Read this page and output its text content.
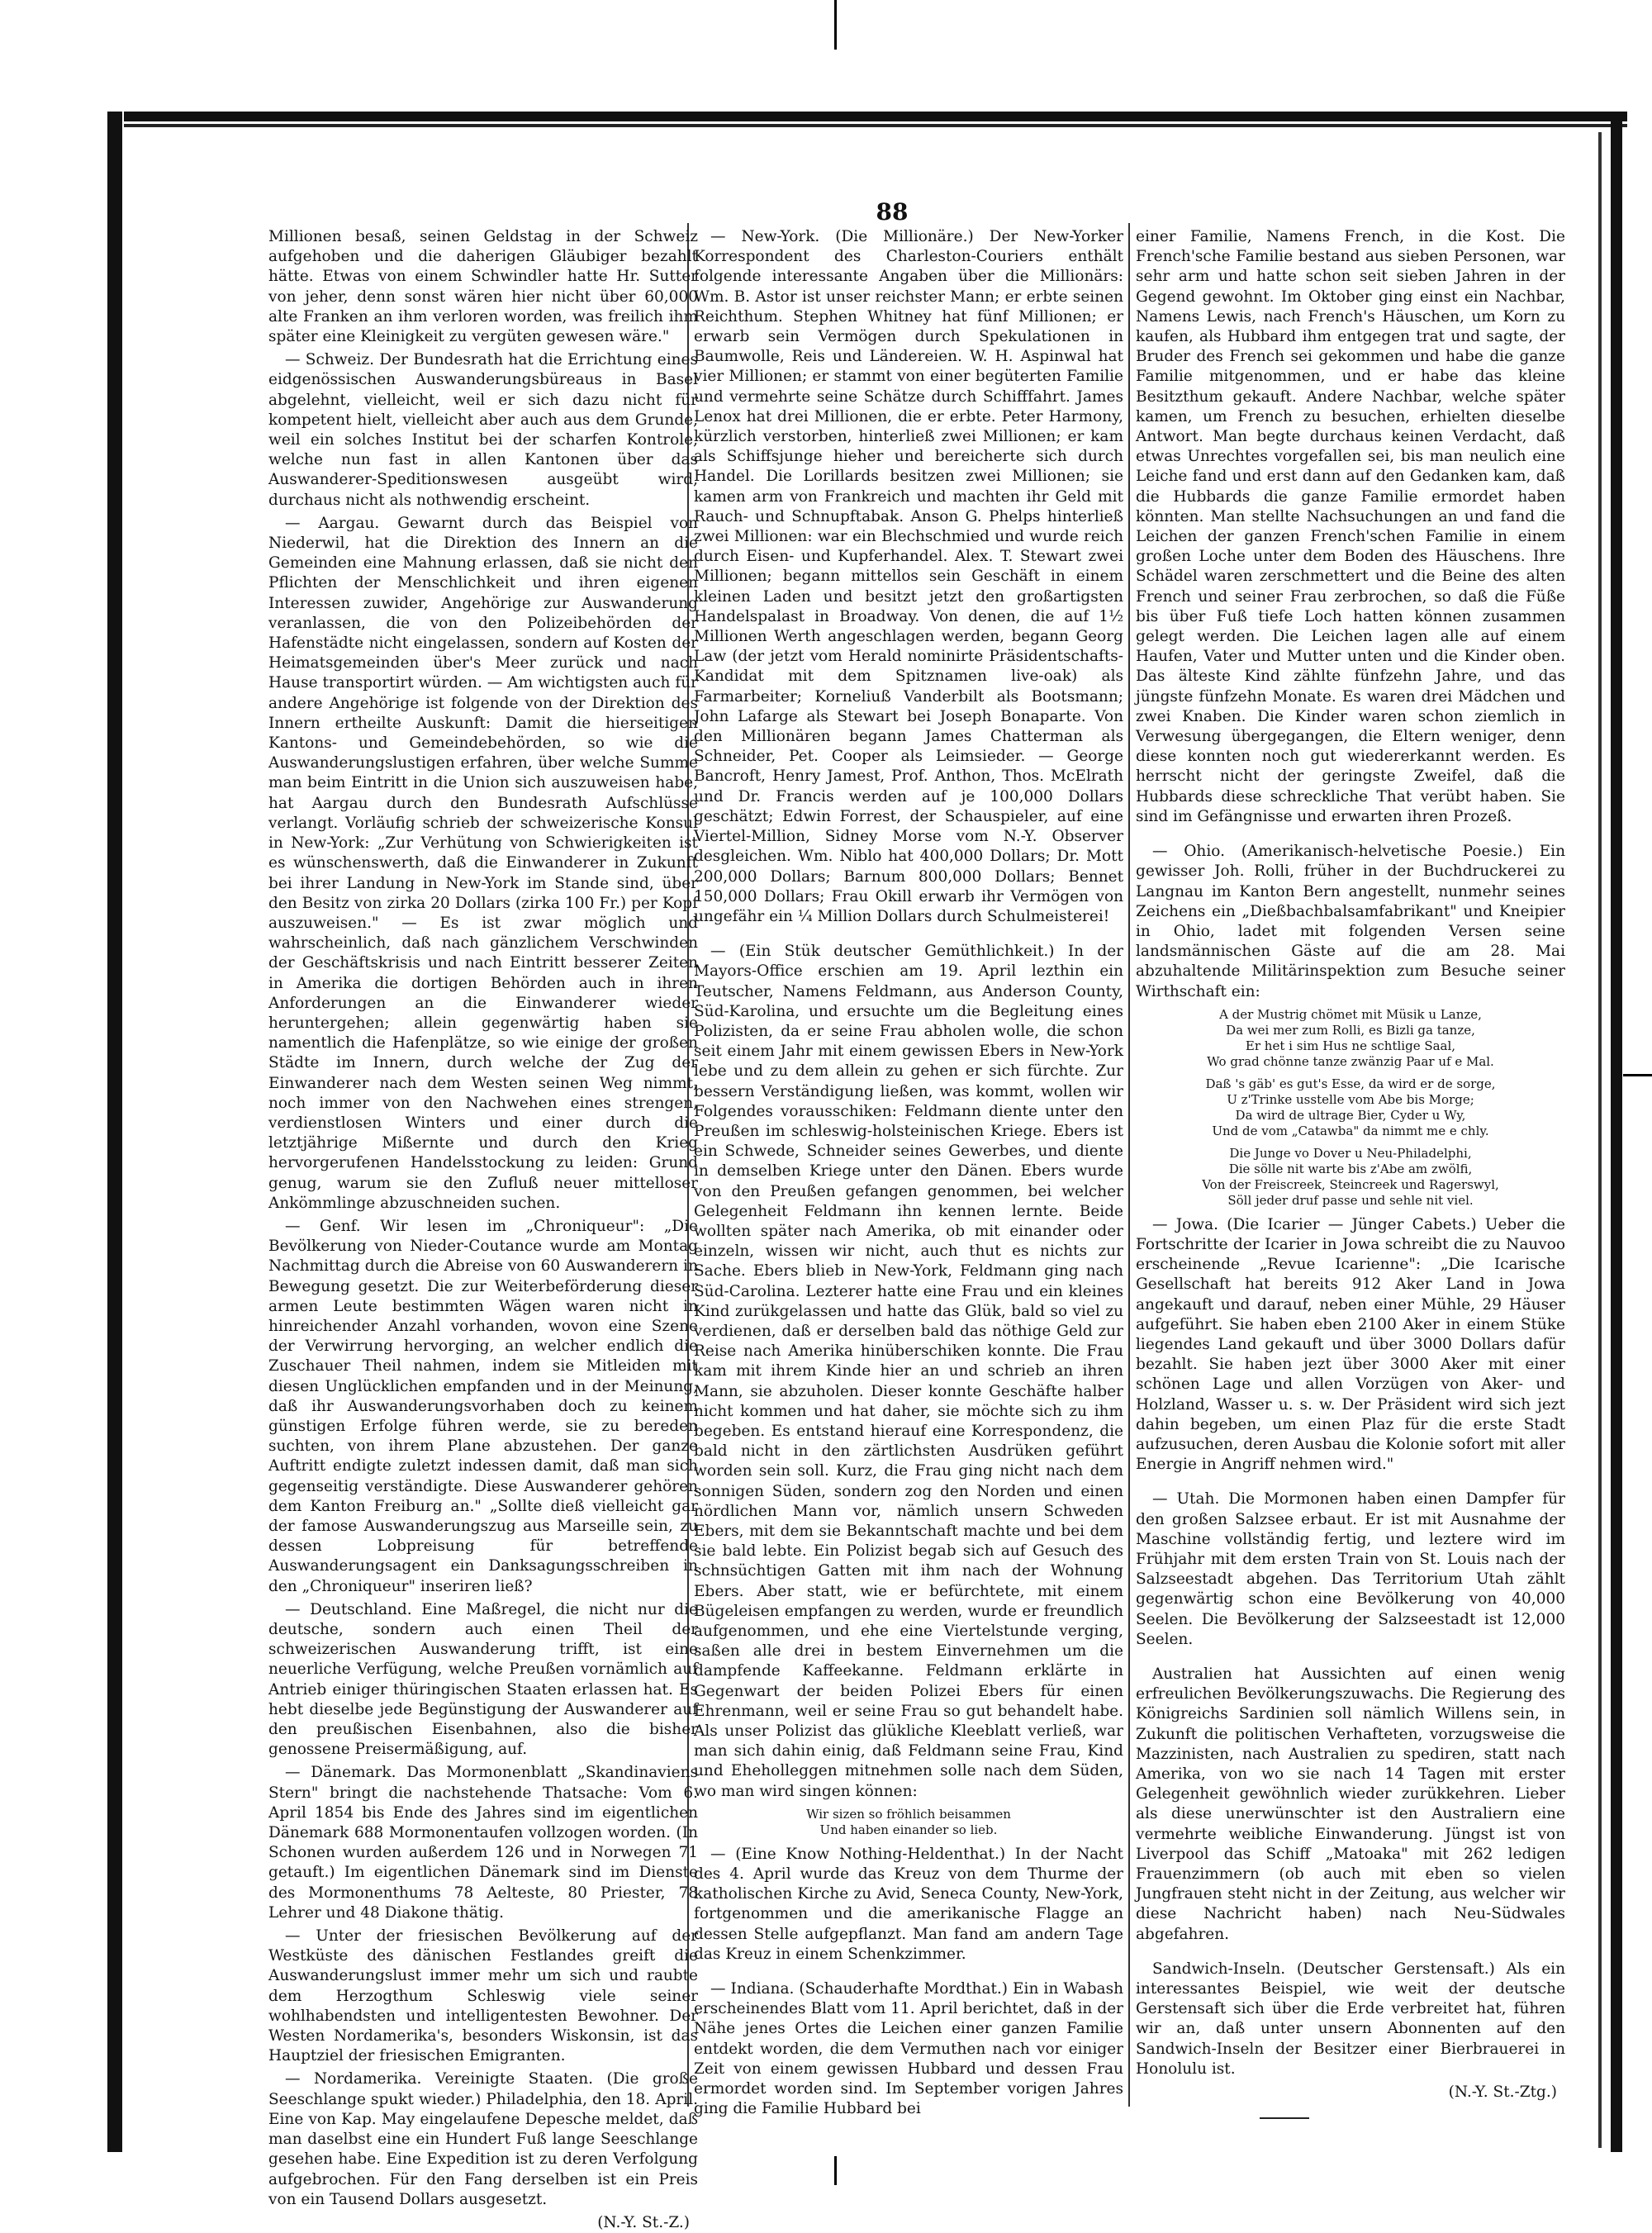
88

Millionen besaß, seinen Geldstag in der Schweiz aufgehoben und die daherigen Gläubiger bezahlt hätte. Etwas von einem Schwindler hatte Hr. Sutter von jeher, denn sonst wären hier nicht über 60,000 alte Franken an ihm verloren worden, was freilich ihm später eine Kleinigkeit zu vergüten gewesen wäre."

— Schweiz. Der Bundesrath hat die Errichtung eines eidgenössischen Auswanderungsbüreaus in Basel abgelehnt, vielleicht, weil er sich dazu nicht für kompetent hielt, vielleicht aber auch aus dem Grunde, weil ein solches Institut bei der scharfen Kontrole, welche nun fast in allen Kantonen über das Auswanderer-Speditionswesen ausgeübt wird, durchaus nicht als nothwendig erscheint.

— Aargau. Gewarnt durch das Beispiel von Niederwil, hat die Direktion des Innern an die Gemeinden eine Mahnung erlassen, daß sie nicht den Pflichten der Menschlichkeit und ihren eigenen Interessen zuwider, Angehörige zur Auswanderung veranlassen, die von den Polizeibehörden der Hafenstädte nicht eingelassen, sondern auf Kosten der Heimatsgemeinden über's Meer zurück und nach Hause transportirt würden. — Am wichtigsten auch für andere Angehörige ist folgende von der Direktion des Innern ertheilte Auskunft: Damit die hierseitigen Kantons- und Gemeindebehörden, so wie die Auswanderungslustigen erfahren, über welche Summe man beim Eintritt in die Union sich auszuweisen habe, hat Aargau durch den Bundesrath Aufschlüsse verlangt. Vorläufig schrieb der schweizerische Konsul in New-York: „Zur Verhütung von Schwierigkeiten ist es wünschenswerth, daß die Einwanderer in Zukunft bei ihrer Landung in New-York im Stande sind, über den Besitz von zirka 20 Dollars (zirka 100 Fr.) per Kopf auszuweisen." — Es ist zwar möglich und wahrscheinlich, daß nach gänzlichem Verschwinden der Geschäftskrisis und nach Eintritt besserer Zeiten in Amerika die dortigen Behörden auch in ihren Anforderungen an die Einwanderer wieder heruntergehen; allein gegenwärtig haben sie namentlich die Hafenplätze, so wie einige der großen Städte im Innern, durch welche der Zug der Einwanderer nach dem Westen seinen Weg nimmt, noch immer von den Nachwehen eines strengen, verdienstlosen Winters und einer durch die letztjährige Mißernte und durch den Krieg hervorgerufenen Handelsstockung zu leiden: Grund genug, warum sie den Zufluß neuer mittelloser Ankömmlinge abzuschneiden suchen.

— Genf. Wir lesen im „Chroniqueur": „Die Bevölkerung von Nieder-Coutance wurde am Montag Nachmittag durch die Abreise von 60 Auswanderern in Bewegung gesetzt. Die zur Weiterbeförderung dieser armen Leute bestimmten Wägen waren nicht in hinreichender Anzahl vorhanden, wovon eine Szene der Verwirrung hervorging, an welcher endlich die Zuschauer Theil nahmen, indem sie Mitleiden mit diesen Unglücklichen empfanden und in der Meinung, daß ihr Auswanderungsvorhaben doch zu keinem günstigen Erfolge führen werde, sie zu bereden suchten, von ihrem Plane abzustehen. Der ganze Auftritt endigte zuletzt indessen damit, daß man sich gegenseitig verständigte. Diese Auswanderer gehören dem Kanton Freiburg an." „Sollte dieß vielleicht gar der famose Auswanderungszug aus Marseille sein, zu dessen Lobpreisung für betreffende Auswanderungsagent ein Danksagungsschreiben in den „Chroniqueur" inseriren ließ?

— Deutschland. Eine Maßregel, die nicht nur die deutsche, sondern auch einen Theil der schweizerischen Auswanderung trifft, ist eine neuerliche Verfügung, welche Preußen vornämlich auf Antrieb einiger thüringischen Staaten erlassen hat. Es hebt dieselbe jede Begünstigung der Auswanderer auf den preußischen Eisenbahnen, also die bisher genossene Preisermäßigung, auf.

— Dänemark. Das Mormonenblatt „Skandinaviens Stern" bringt die nachstehende Thatsache: Vom 6. April 1854 bis Ende des Jahres sind im eigentlichen Dänemark 688 Mormonentaufen vollzogen worden. (In Schonen wurden außerdem 126 und in Norwegen 71 getauft.) Im eigentlichen Dänemark sind im Dienste des Mormonenthums 78 Aelteste, 80 Priester, 78 Lehrer und 48 Diakone thätig.

— Unter der friesischen Bevölkerung auf der Westküste des dänischen Festlandes greift die Auswanderungslust immer mehr um sich und raubte dem Herzogthum Schleswig viele seiner wohlhabendsten und intelligentesten Bewohner. Der Westen Nordamerika's, besonders Wiskonsin, ist das Hauptziel der friesischen Emigranten.

— Nordamerika. Vereinigte Staaten. (Die große Seeschlange spukt wieder.) Philadelphia, den 18. April. Eine von Kap. May eingelaufene Depesche meldet, daß man daselbst eine ein Hundert Fuß lange Seeschlange gesehen habe. Eine Expedition ist zu deren Verfolgung aufgebrochen. Für den Fang derselben ist ein Preis von ein Tausend Dollars ausgesetzt.

(N.-Y. St.-Z.)

— New-York. (Die Millionäre.) Der New-Yorker Korrespondent des Charleston-Couriers enthält folgende interessante Angaben über die Millionärs: Wm. B. Astor ist unser reichster Mann; er erbte seinen Reichthum. Stephen Whitney hat fünf Millionen; er erwarb sein Vermögen durch Spekulationen in Baumwolle, Reis und Ländereien. W. H. Aspinwal hat vier Millionen; er stammt von einer begüterten Familie und vermehrte seine Schätze durch Schifffahrt. James Lenox hat drei Millionen, die er erbte. Peter Harmony, kürzlich verstorben, hinterließ zwei Millionen; er kam als Schiffsjunge hieher und bereicherte sich durch Handel. Die Lorillards besitzen zwei Millionen; sie kamen arm von Frankreich und machten ihr Geld mit Rauch- und Schnupftabak. Anson G. Phelps hinterließ zwei Millionen: war ein Blechschmied und wurde reich durch Eisen- und Kupferhandel. Alex. T. Stewart zwei Millionen; begann mittellos sein Geschäft in einem kleinen Laden und besitzt jetzt den großartigsten Handelspalast in Broadway. Von denen, die auf 1½ Millionen Werth angeschlagen werden, begann Georg Law (der jetzt vom Herald nominirte Präsidentschafts-Kandidat mit dem Spitznamen live-oak) als Farmarbeiter; Korneliuß Vanderbilt als Bootsmann; John Lafarge als Stewart bei Joseph Bonaparte. Von den Millionären begann James Chatterman als Schneider, Pet. Cooper als Leimsieder. — George Bancroft, Henry Jamest, Prof. Anthon, Thos. McElrath und Dr. Francis werden auf je 100,000 Dollars geschätzt; Edwin Forrest, der Schauspieler, auf eine Viertel-Million, Sidney Morse vom N.-Y. Observer desgleichen. Wm. Niblo hat 400,000 Dollars; Dr. Mott 200,000 Dollars; Barnum 800,000 Dollars; Bennet 150,000 Dollars; Frau Okill erwarb ihr Vermögen von ungefähr ein ¼ Million Dollars durch Schulmeisterei!

— (Ein Stük deutscher Gemüthlichkeit.) In der Mayors-Office erschien am 19. April lezthin ein Teutscher, Namens Feldmann, aus Anderson County, Süd-Karolina, und ersuchte um die Begleitung eines Polizisten, da er seine Frau abholen wolle, die schon seit einem Jahr mit einem gewissen Ebers in New-York lebe und zu dem allein zu gehen er sich fürchte. Zur bessern Verständigung ließen, was kommt, wollen wir Folgendes vorausschiken: Feldmann diente unter den Preußen im schleswig-holsteinischen Kriege. Ebers ist ein Schwede, Schneider seines Gewerbes, und diente in demselben Kriege unter den Dänen. Ebers wurde von den Preußen gefangen genommen, bei welcher Gelegenheit Feldmann ihn kennen lernte. Beide wollten später nach Amerika, ob mit einander oder einzeln, wissen wir nicht, auch thut es nichts zur Sache. Ebers blieb in New-York, Feldmann ging nach Süd-Carolina. Lezterer hatte eine Frau und ein kleines Kind zurükgelassen und hatte das Glük, bald so viel zu verdienen, daß er derselben bald das nöthige Geld zur Reise nach Amerika hinüberschiken konnte. Die Frau kam mit ihrem Kinde hier an und schrieb an ihren Mann, sie abzuholen. Dieser konnte Geschäfte halber nicht kommen und hat daher, sie möchte sich zu ihm begeben. Es entstand hierauf eine Korrespondenz, die bald nicht in den zärtlichsten Ausdrüken geführt worden sein soll. Kurz, die Frau ging nicht nach dem sonnigen Süden, sondern zog den Norden und einen nördlichen Mann vor, nämlich unsern Schweden Ebers, mit dem sie Bekanntschaft machte und bei dem sie bald lebte. Ein Polizist begab sich auf Gesuch des schnsüchtigen Gatten mit ihm nach der Wohnung Ebers. Aber statt, wie er befürchtete, mit einem Bügeleisen empfangen zu werden, wurde er freundlich aufgenommen, und ehe eine Viertelstunde verging, saßen alle drei in bestem Einvernehmen um die dampfende Kaffeekanne. Feldmann erklärte in Gegenwart der beiden Polizei Ebers für einen Ehrenmann, weil er seine Frau so gut behandelt habe. Als unser Polizist das glükliche Kleeblatt verließ, war man sich dahin einig, daß Feldmann seine Frau, Kind und Eheholleggen mitnehmen solle nach dem Süden, wo man wird singen können:

Wir sizen so fröhlich beisammen
Und haben einander so lieb.

— (Eine Know Nothing-Heldenthat.) In der Nacht des 4. April wurde das Kreuz von dem Thurme der katholischen Kirche zu Avid, Seneca County, New-York, fortgenommen und die amerikanische Flagge an dessen Stelle aufgepflanzt. Man fand am andern Tage das Kreuz in einem Schenkzimmer.

— Indiana. (Schauderhafte Mordthat.) Ein in Wabash erscheinendes Blatt vom 11. April berichtet, daß in der Nähe jenes Ortes die Leichen einer ganzen Familie entdekt worden, die dem Vermuthen nach vor einiger Zeit von einem gewissen Hubbard und dessen Frau ermordet worden sind. Im September vorigen Jahres ging die Familie Hubbard bei

einer Familie, Namens French, in die Kost. Die French'sche Familie bestand aus sieben Personen, war sehr arm und hatte schon seit sieben Jahren in der Gegend gewohnt. Im Oktober ging einst ein Nachbar, Namens Lewis, nach French's Häuschen, um Korn zu kaufen, als Hubbard ihm entgegen trat und sagte, der Bruder des French sei gekommen und habe die ganze Familie mitgenommen, und er habe das kleine Besitzthum gekauft. Andere Nachbar, welche später kamen, um French zu besuchen, erhielten dieselbe Antwort. Man begte durchaus keinen Verdacht, daß etwas Unrechtes vorgefallen sei, bis man neulich eine Leiche fand und erst dann auf den Gedanken kam, daß die Hubbards die ganze Familie ermordet haben könnten. Man stellte Nachsuchungen an und fand die Leichen der ganzen French'schen Familie in einem großen Loche unter dem Boden des Häuschens. Ihre Schädel waren zerschmettert und die Beine des alten French und seiner Frau zerbrochen, so daß die Füße bis über Fuß tiefe Loch hatten können zusammen gelegt werden. Die Leichen lagen alle auf einem Haufen, Vater und Mutter unten und die Kinder oben. Das älteste Kind zählte fünfzehn Jahre, und das jüngste fünfzehn Monate. Es waren drei Mädchen und zwei Knaben. Die Kinder waren schon ziemlich in Verwesung übergegangen, die Eltern weniger, denn diese konnten noch gut wiedererkannt werden. Es herrscht nicht der geringste Zweifel, daß die Hubbards diese schreckliche That verübt haben. Sie sind im Gefängnisse und erwarten ihren Prozeß.

— Ohio. (Amerikanisch-helvetische Poesie.) Ein gewisser Joh. Rolli, früher in der Buchdruckerei zu Langnau im Kanton Bern angestellt, nunmehr seines Zeichens ein „Dießbachbalsamfabrikant" und Kneipier in Ohio, ladet mit folgenden Versen seine landsmännischen Gäste auf die am 28. Mai abzuhaltende Militärinspektion zum Besuche seiner Wirthschaft ein:

A der Mustrig chömet mit Müsik u Lanze,
Da wei mer zum Rolli, es Bizli ga tanze,
Er het i sim Hus ne schtlige Saal,
Wo grad chönne tanze zwänzig Paar uf e Mal.
Daß 's gäb' es gut's Esse, da wird er de sorge,
U z'Trinke usstelle vom Abe bis Morge;
Da wird de ultrage Bier, Cyder u Wy,
Und de vom „Catawba" da nimmt me e chly.
Die Junge vo Dover u Neu-Philadelphi,
Die sölle nit warte bis z'Abe am zwölfi,
Von der Freiscreek, Steincreek und Ragerswyl,
Söll jeder druf passe und sehle nit viel.

— Jowa. (Die Icarier — Jünger Cabets.) Ueber die Fortschritte der Icarier in Jowa schreibt die zu Nauvoo erscheinende „Revue Icarienne": „Die Icarische Gesellschaft hat bereits 912 Aker Land in Jowa angekauft und darauf, neben einer Mühle, 29 Häuser aufgeführt. Sie haben eben 2100 Aker in einem Stüke liegendes Land gekauft und über 3000 Dollars dafür bezahlt. Sie haben jezt über 3000 Aker mit einer schönen Lage und allen Vorzügen von Aker- und Holzland, Wasser u. s. w. Der Präsident wird sich jezt dahin begeben, um einen Plaz für die erste Stadt aufzusuchen, deren Ausbau die Kolonie sofort mit aller Energie in Angriff nehmen wird."

— Utah. Die Mormonen haben einen Dampfer für den großen Salzsee erbaut. Er ist mit Ausnahme der Maschine vollständig fertig, und leztere wird im Frühjahr mit dem ersten Train von St. Louis nach der Salzseestadt abgehen. Das Territorium Utah zählt gegenwärtig schon eine Bevölkerung von 40,000 Seelen. Die Bevölkerung der Salzseestadt ist 12,000 Seelen.

Australien hat Aussichten auf einen wenig erfreulichen Bevölkerungszuwachs. Die Regierung des Königreichs Sardinien soll nämlich Willens sein, in Zukunft die politischen Verhafteten, vorzugsweise die Mazzinisten, nach Australien zu spediren, statt nach Amerika, von wo sie nach 14 Tagen mit erster Gelegenheit gewöhnlich wieder zurükkehren. Lieber als diese unerwünschter ist den Australiern eine vermehrte weibliche Einwanderung. Jüngst ist von Liverpool das Schiff „Matoaka" mit 262 ledigen Frauenzimmern (ob auch mit eben so vielen Jungfrauen steht nicht in der Zeitung, aus welcher wir diese Nachricht haben) nach Neu-Südwales abgefahren.

Sandwich-Inseln. (Deutscher Gerstensaft.) Als ein interessantes Beispiel, wie weit der deutsche Gerstensaft sich über die Erde verbreitet hat, führen wir an, daß unter unsern Abonnenten auf den Sandwich-Inseln der Besitzer einer Bierbrauerei in Honolulu ist.

(N.-Y. St.-Ztg.)
